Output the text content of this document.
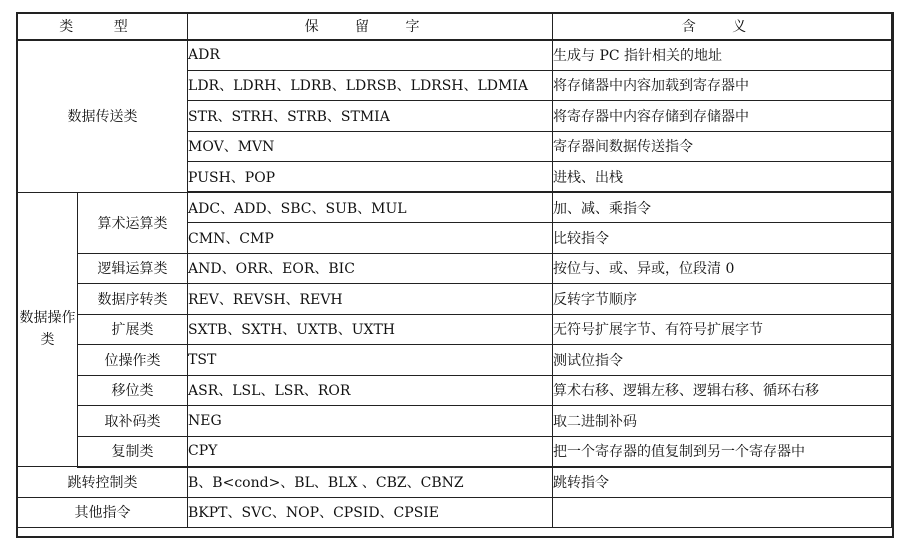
类 型		保 留 字	含 义
数据传送类		ADR	生成与 PC 指针相关的地址
		LDR、LDRH、LDRB、LDRSB、LDRSH、LDMIA	将存储器中内容加载到寄存器中
		STR、STRH、STRB、STMIA	将寄存器中内容存储到存储器中
		MOV、MVN	寄存器间数据传送指令
		PUSH、POP	进栈、出栈
数据操作类	算术运算类	ADC、ADD、SBC、SUB、MUL	加、减、乘指令
		CMN、CMP	比较指令
	逻辑运算类	AND、ORR、EOR、BIC	按位与、或、异或，位段清 0
	数据序转类	REV、REVSH、REVH	反转字节顺序
	扩展类	SXTB、SXTH、UXTB、UXTH	无符号扩展字节、有符号扩展字节
	位操作类	TST	测试位指令
	移位类	ASR、LSL、LSR、ROR	算术右移、逻辑左移、逻辑右移、循环右移
	取补码类	NEG	取二进制补码
	复制类	CPY	把一个寄存器的值复制到另一个寄存器中
跳转控制类		B、B<cond>、BL、BLX 、CBZ、CBNZ	跳转指令
其他指令		BKPT、SVC、NOP、CPSID、CPSIE	
